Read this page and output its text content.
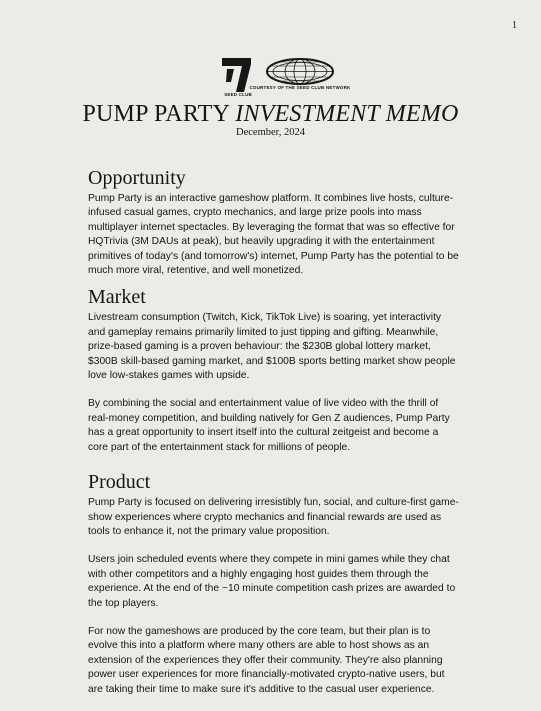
1
SEED CLUB
COURTESY OF THE SEED CLUB NETWORK
PUMP PARTY INVESTMENT MEMO
December, 2024
Opportunity

Pump Party is an interactive gameshow platform. It combines live hosts, culture-infused casual games, crypto mechanics, and large prize pools into mass multiplayer internet spectacles. By leveraging the format that was so effective for HQTrivia (3M DAUs at peak), but heavily upgrading it with the entertainment primitives of today's (and tomorrow's) internet, Pump Party has the potential to be much more viral, retentive, and well monetized.

Market

Livestream consumption (Twitch, Kick, TikTok Live) is soaring, yet interactivity and gameplay remains primarily limited to just tipping and gifting. Meanwhile, prize-based gaming is a proven behaviour: the $230B global lottery market, $300B skill-based gaming market, and $100B sports betting market show people love low-stakes games with upside.

By combining the social and entertainment value of live video with the thrill of real-money competition, and building natively for Gen Z audiences, Pump Party has a great opportunity to insert itself into the cultural zeitgeist and become a core part of the entertainment stack for millions of people.

Product

Pump Party is focused on delivering irresistibly fun, social, and culture-first game-show experiences where crypto mechanics and financial rewards are used as tools to enhance it, not the primary value proposition.

Users join scheduled events where they compete in mini games while they chat with other competitors and a highly engaging host guides them through the experience. At the end of the ~10 minute competition cash prizes are awarded to the top players.

For now the gameshows are produced by the core team, but their plan is to evolve this into a platform where many others are able to host shows as an extension of the experiences they offer their community. They're also planning power user experiences for more financially-motivated crypto-native users, but are taking their time to make sure it's additive to the casual user experience.
